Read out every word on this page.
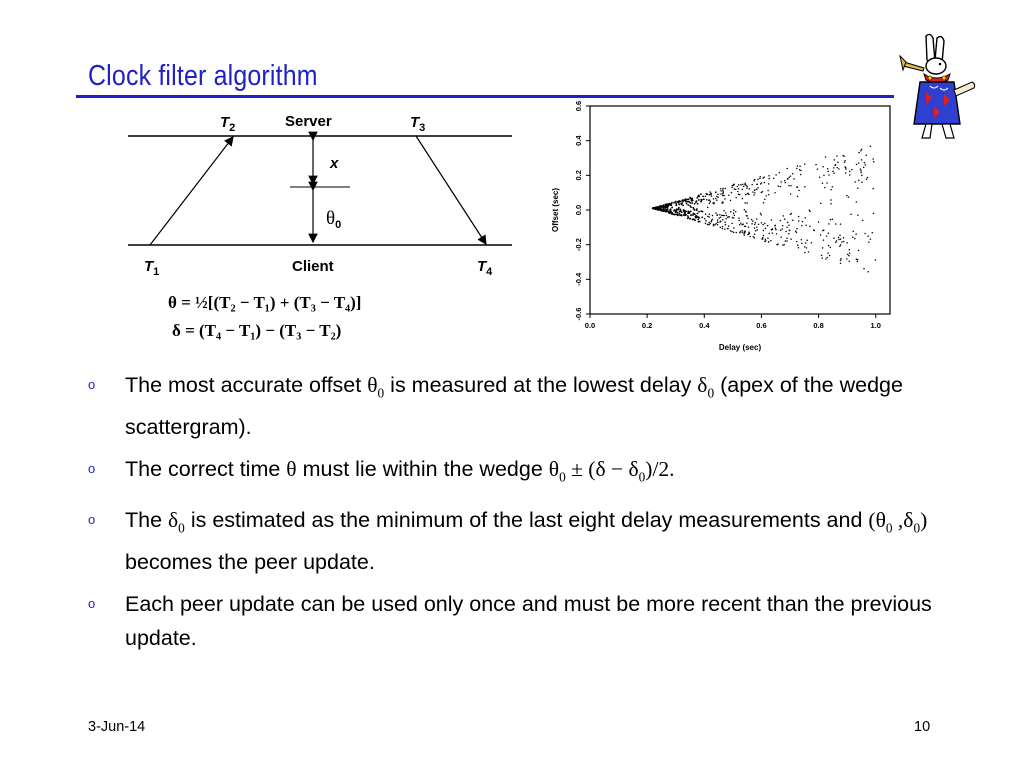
Clock filter algorithm
$T_2$	Server	$T_3$
x
$\theta_0$
$T_1$	Client	$T_4$
θ = ½[(T₂ − T₁) + (T₃ − T₄)]
δ = (T₄ − T₁) − (T₃ − T₂)
-0.6
-0.4
-0.2
0.0
0.2
0.4
0.6
0.0	0.2	0.4	0.6	0.8	1.0
Delay (sec)
Offset (sec)
o The most accurate offset $\theta_0$ is measured at the lowest delay $\delta_0$ (apex of the wedge scattergram).
o The correct time θ must lie within the wedge $\theta_0 \pm (\delta - \delta_0)/2$.
o The $\delta_0$ is estimated as the minimum of the last eight delay measurements and ($\theta_0$ $,\delta_0$) becomes the peer update.
o Each peer update can be used only once and must be more recent than the previous update.
3-Jun-14	10
